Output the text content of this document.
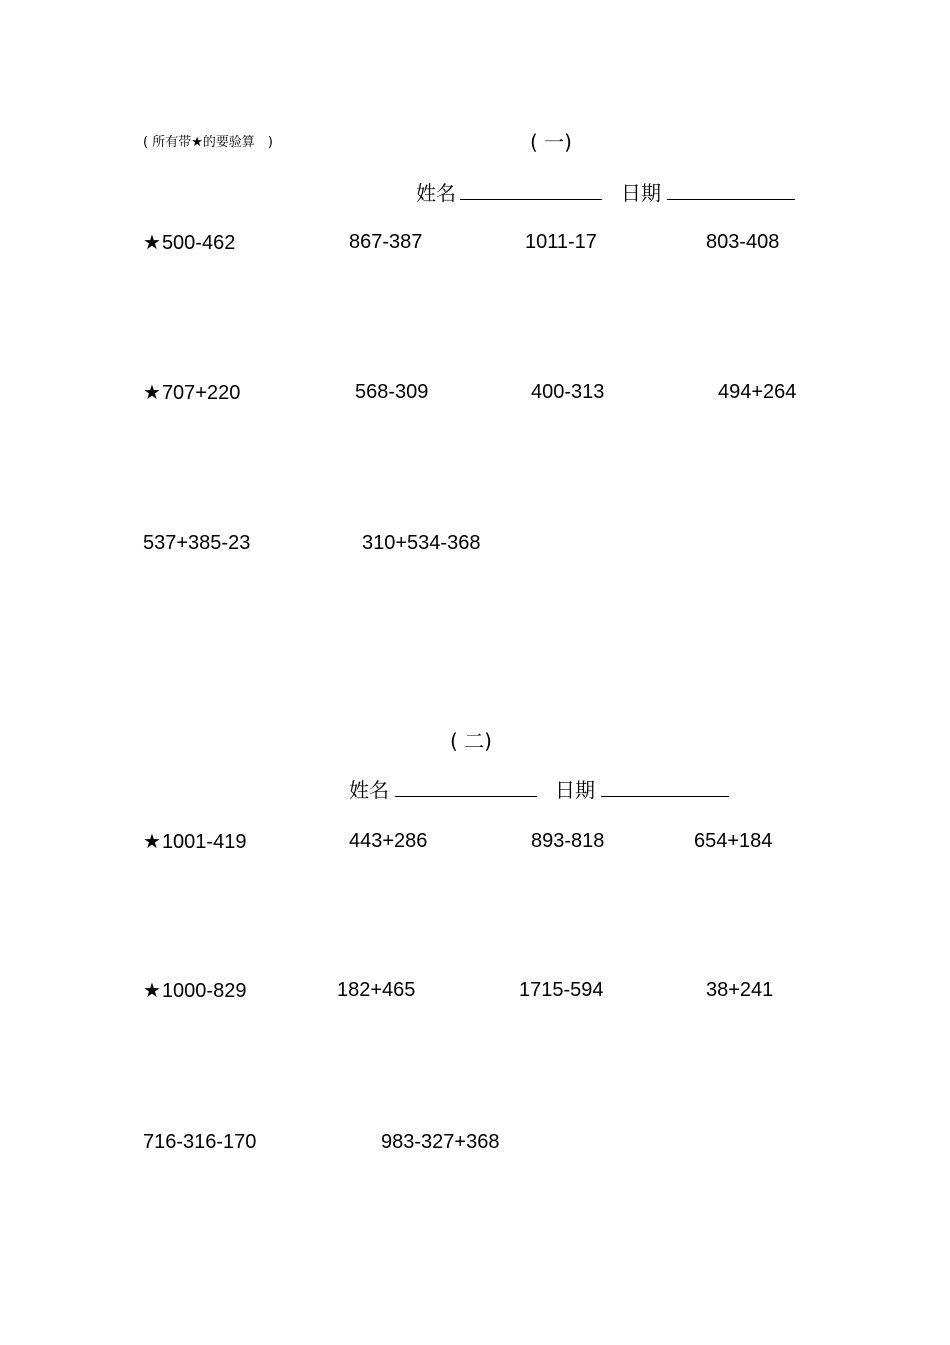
( 所有带★的要验算　)	( 一)
姓名	日期
★500-462	867-387	1011-17	803-408
★707+220	568-309	400-313	494+264
537+385-23	310+534-368
( 二)
姓名	日期
★1001-419	443+286	893-818	654+184
★1000-829	182+465	1715-594	38+241
716-316-170	983-327+368
